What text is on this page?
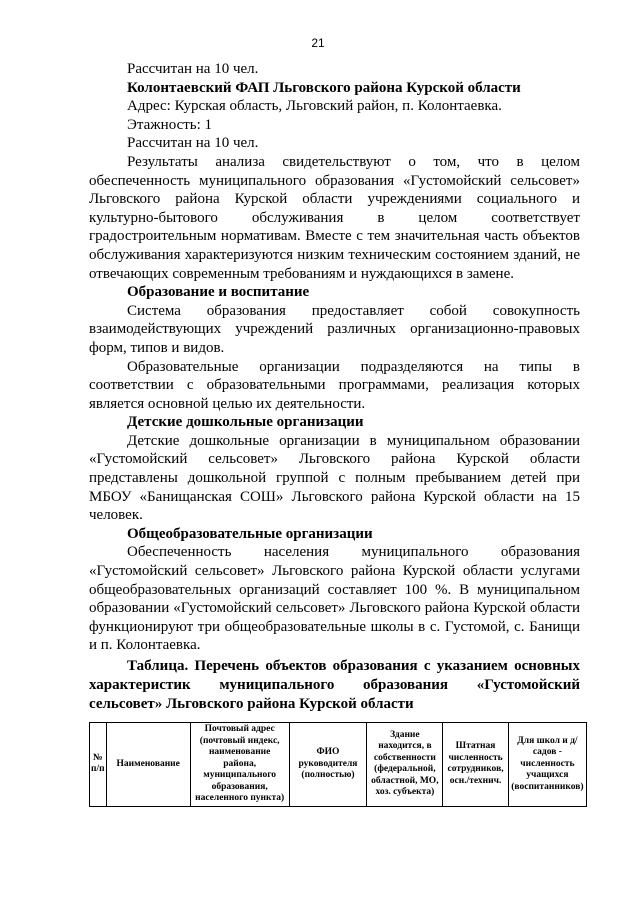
21

Рассчитан на 10 чел.

Колонтаевский ФАП Льговского района Курской области

Адрес: Курская область, Льговский район, п. Колонтаевка.

Этажность: 1

Рассчитан на 10 чел.

Результаты анализа свидетельствуют о том, что в целом обеспеченность муниципального образования «Густомойский сельсовет» Льговского района Курской области учреждениями социального и культурно-бытового обслуживания в целом соответствует градостроительным нормативам. Вместе с тем значительная часть объектов обслуживания характеризуются низким техническим состоянием зданий, не отвечающих современным требованиям и нуждающихся в замене.

Образование и воспитание

Система образования предоставляет собой совокупность взаимодействующих учреждений различных организационно-правовых форм, типов и видов.

Образовательные организации подразделяются на типы в соответствии с образовательными программами, реализация которых является основной целью их деятельности.

Детские дошкольные организации

Детские дошкольные организации в муниципальном образовании «Густомойский сельсовет» Льговского района Курской области представлены дошкольной группой с полным пребыванием детей при МБОУ «Банищанская СОШ» Льговского района Курской области на 15 человек.

Общеобразовательные организации

Обеспеченность населения муниципального образования «Густомойский сельсовет» Льговского района Курской области услугами общеобразовательных организаций составляет 100 %. В муниципальном образовании «Густомойский сельсовет» Льговского района Курской области функционируют три общеобразовательные школы в с. Густомой, с. Банищи и п. Колонтаевка.

Таблица. Перечень объектов образования с указанием основных характеристик муниципального образования «Густомойский сельсовет» Льговского района Курской области
№ п/п	Наименование	Почтовый адрес (почтовый индекс, наименование района, муниципального образования, населенного пункта)	ФИО руководителя (полностью)	Здание находится, в собственности (федеральной, областной, МО, хоз. субъекта)	Штатная численность сотрудников, осн./технич.	Для школ и д/садов - численность учащихся (воспитанников)
